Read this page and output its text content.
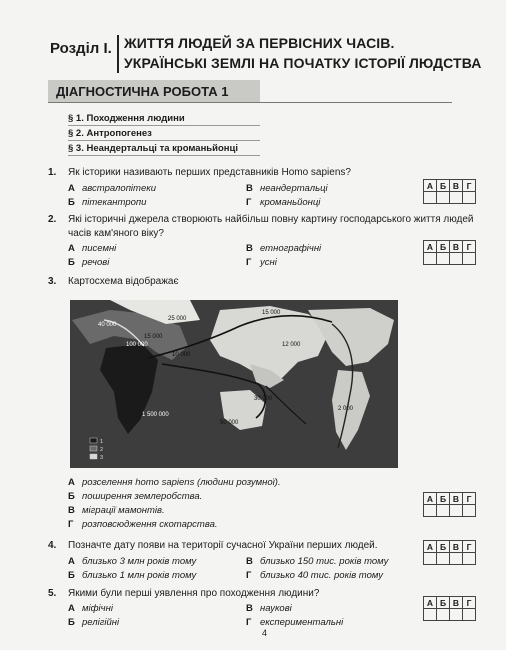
Розділ І. ЖИТТЯ ЛЮДЕЙ ЗА ПЕРВІСНИХ ЧАСІВ.
УКРАЇНСЬКІ ЗЕМЛІ НА ПОЧАТКУ ІСТОРІЇ ЛЮДСТВА
ДІАГНОСТИЧНА РОБОТА 1
§ 1. Походження людини
§ 2. Антропогенез
§ 3. Неандертальці та кроманьйонці
1. Як історики називають перших представників Homo sapiens?
А австралопітеки
Б пітекантропи
В неандертальці
Г кроманьйонці
А	Б	В	Г

2. Які історичні джерела створюють найбільш повну картину господарського життя людей
часів кам'яного віку?
А писемні
Б речові
В етнографічні
Г усні
А	Б	В	Г

3. Картосхема відображає
40 000
25 000
15 000
12 000
100 000
10 000
15 000
1 500 000
30 000
50 000
2 000
1
2
3
А розселення homo sapiens (людини розумної).
Б поширення землеробства.
В міграції мамонтів.
Г розповсюдження скотарства.
А	Б	В	Г

4. Позначте дату появи на території сучасної України перших людей.
А близько 3 млн років тому
Б близько 1 млн років тому
В близько 150 тис. років тому
Г близько 40 тис. років тому
А	Б	В	Г

5. Якими були перші уявлення про походження людини?
А міфічні
Б релігійні
В наукові
Г експериментальні
А	Б	В	Г

4
